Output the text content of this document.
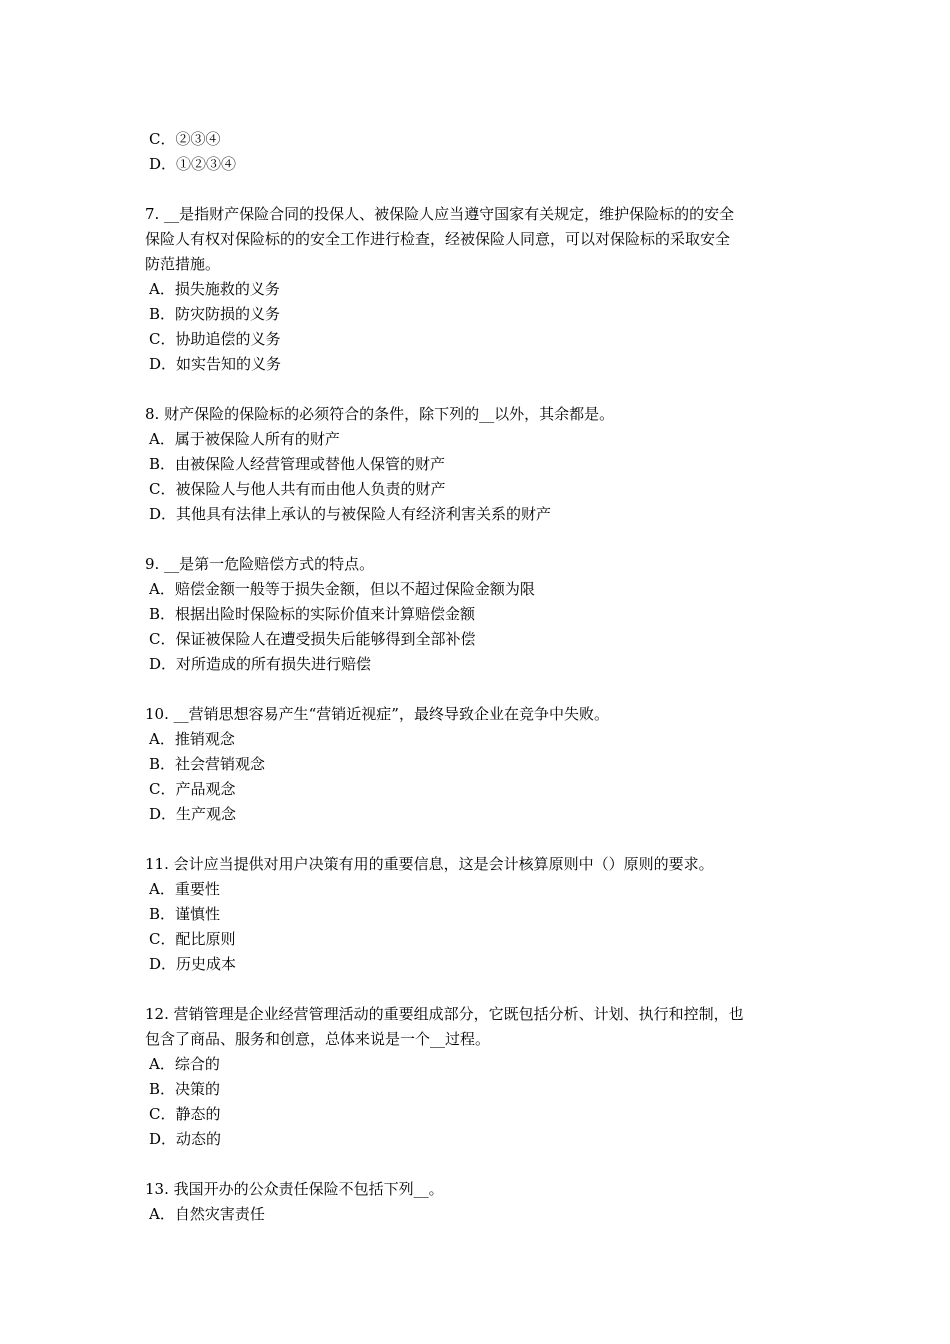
C．②③④
D．①②③④
7. __是指财产保险合同的投保人、被保险人应当遵守国家有关规定，维护保险标的的安全
保险人有权对保险标的的安全工作进行检查，经被保险人同意，可以对保险标的采取安全
防范措施。
A．损失施救的义务
B．防灾防损的义务
C．协助追偿的义务
D．如实告知的义务
8. 财产保险的保险标的必须符合的条件，除下列的__以外，其余都是。
A．属于被保险人所有的财产
B．由被保险人经营管理或替他人保管的财产
C．被保险人与他人共有而由他人负责的财产
D．其他具有法律上承认的与被保险人有经济利害关系的财产
9. __是第一危险赔偿方式的特点。
A．赔偿金额一般等于损失金额，但以不超过保险金额为限
B．根据出险时保险标的实际价值来计算赔偿金额
C．保证被保险人在遭受损失后能够得到全部补偿
D．对所造成的所有损失进行赔偿
10. __营销思想容易产生“营销近视症”，最终导致企业在竞争中失败。
A．推销观念
B．社会营销观念
C．产品观念
D．生产观念
11. 会计应当提供对用户决策有用的重要信息，这是会计核算原则中（）原则的要求。
A．重要性
B．谨慎性
C．配比原则
D．历史成本
12. 营销管理是企业经营管理活动的重要组成部分，它既包括分析、计划、执行和控制，也
包含了商品、服务和创意，总体来说是一个__过程。
A．综合的
B．决策的
C．静态的
D．动态的
13. 我国开办的公众责任保险不包括下列__。
A．自然灾害责任
